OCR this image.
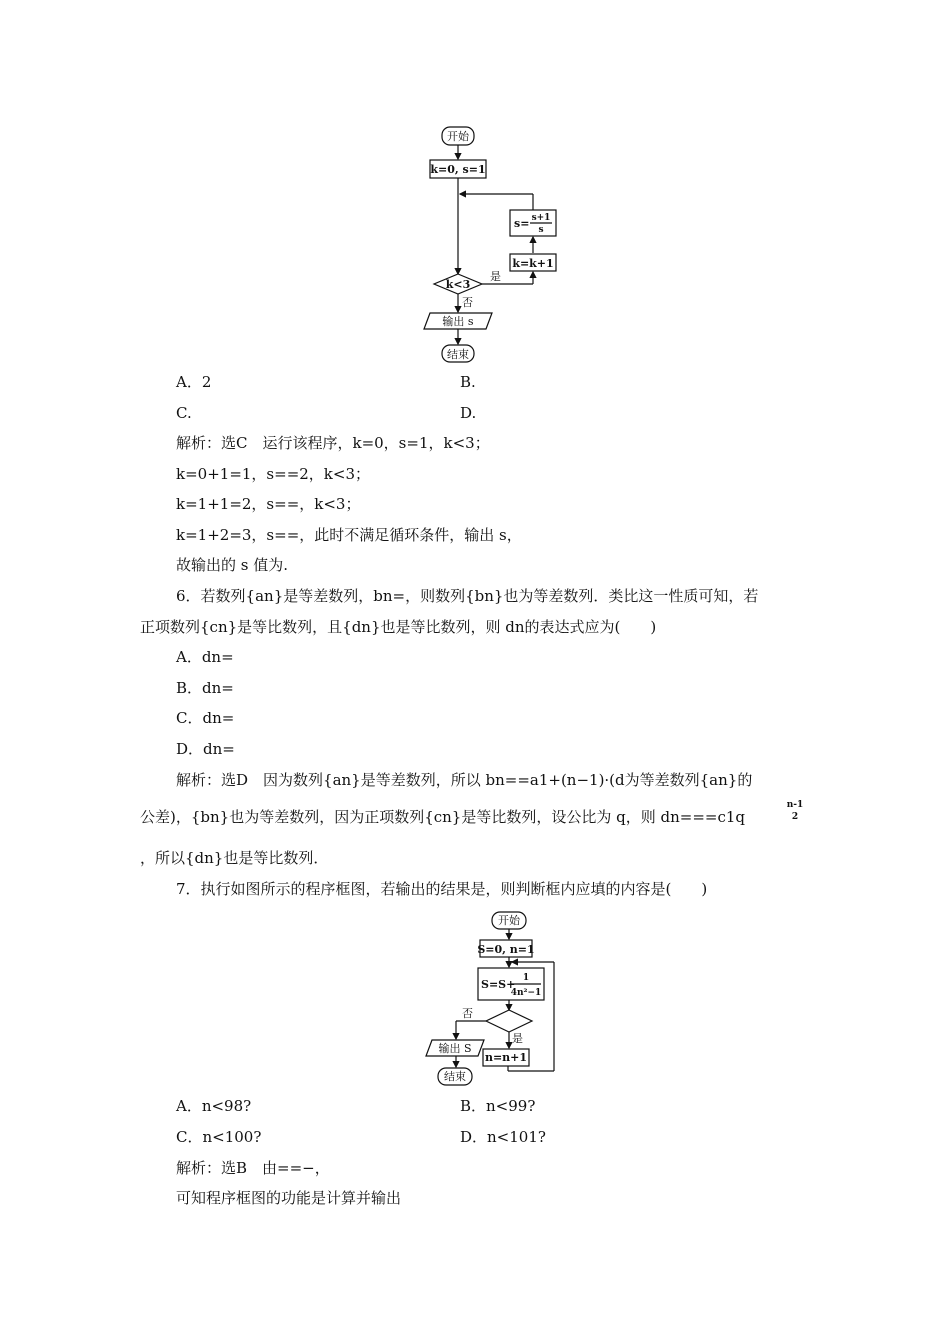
开始
k=0, s=1
s= s+1
s
k=k+1
是
k<3
否
输出 s
结束
A．2	B.
C.	D.
解析：选C　运行该程序，k=0，s=1，k<3；
k=0+1=1，s==2，k<3；
k=1+1=2，s==，k<3；
k=1+2=3，s==，此时不满足循环条件，输出 s，
故输出的 s 值为.
6．若数列{an}是等差数列，bn=，则数列{bn}也为等差数列．类比这一性质可知，若
正项数列{cn}是等比数列，且{dn}也是等比数列，则 dn的表达式应为(　　)
A．dn=
B．dn=
C．dn=
D．dn=
解析：选D　因为数列{an}是等差数列，所以 bn==a1+(n−1)·(d为等差数列{an}的
公差)，{bn}也为等差数列，因为正项数列{cn}是等比数列，设公比为 q，则 dn===c1q
n-1
2
，所以{dn}也是等比数列．
7．执行如图所示的程序框图，若输出的结果是，则判断框内应填的内容是(　　)
开始
S=0, n=1
S=S+ 1
4n²−1
否
是
输出 S
n=n+1
结束
A．n<98?	B．n<99?
C．n<100?	D．n<101?
解析：选B　由==−，
可知程序框图的功能是计算并输出
